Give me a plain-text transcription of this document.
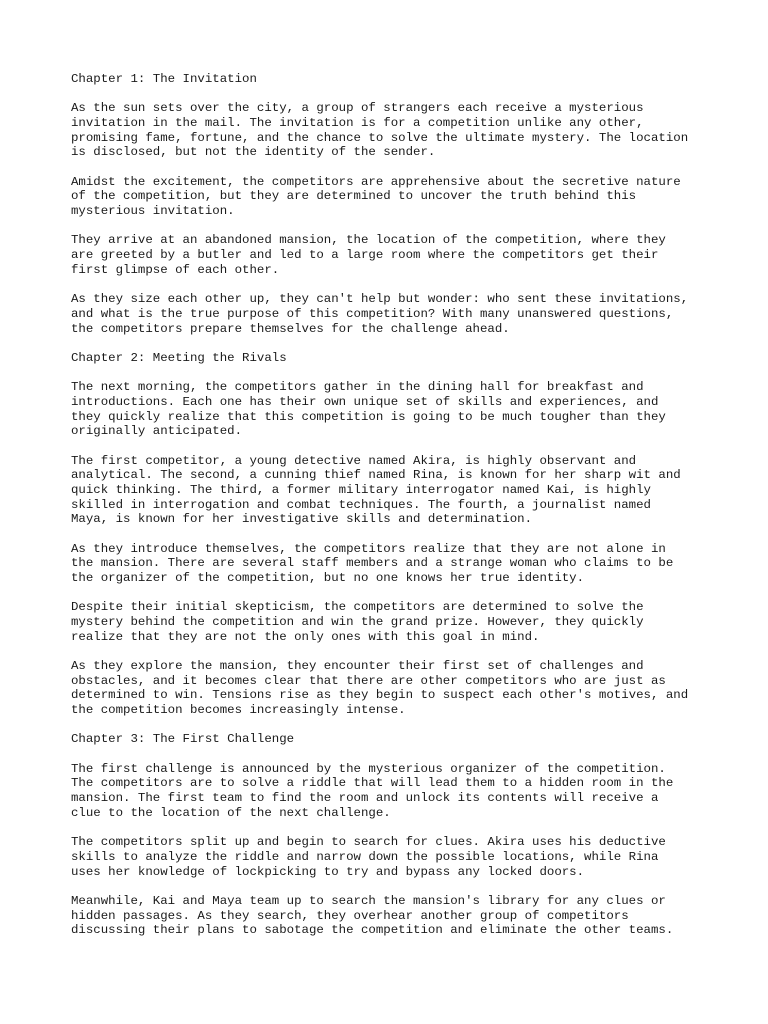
Chapter 1: The Invitation

As the sun sets over the city, a group of strangers each receive a mysterious
invitation in the mail. The invitation is for a competition unlike any other,
promising fame, fortune, and the chance to solve the ultimate mystery. The location
is disclosed, but not the identity of the sender.

Amidst the excitement, the competitors are apprehensive about the secretive nature
of the competition, but they are determined to uncover the truth behind this
mysterious invitation.

They arrive at an abandoned mansion, the location of the competition, where they
are greeted by a butler and led to a large room where the competitors get their
first glimpse of each other.

As they size each other up, they can't help but wonder: who sent these invitations,
and what is the true purpose of this competition? With many unanswered questions,
the competitors prepare themselves for the challenge ahead.

Chapter 2: Meeting the Rivals

The next morning, the competitors gather in the dining hall for breakfast and
introductions. Each one has their own unique set of skills and experiences, and
they quickly realize that this competition is going to be much tougher than they
originally anticipated.

The first competitor, a young detective named Akira, is highly observant and
analytical. The second, a cunning thief named Rina, is known for her sharp wit and
quick thinking. The third, a former military interrogator named Kai, is highly
skilled in interrogation and combat techniques. The fourth, a journalist named
Maya, is known for her investigative skills and determination.

As they introduce themselves, the competitors realize that they are not alone in
the mansion. There are several staff members and a strange woman who claims to be
the organizer of the competition, but no one knows her true identity.

Despite their initial skepticism, the competitors are determined to solve the
mystery behind the competition and win the grand prize. However, they quickly
realize that they are not the only ones with this goal in mind.

As they explore the mansion, they encounter their first set of challenges and
obstacles, and it becomes clear that there are other competitors who are just as
determined to win. Tensions rise as they begin to suspect each other's motives, and
the competition becomes increasingly intense.

Chapter 3: The First Challenge

The first challenge is announced by the mysterious organizer of the competition.
The competitors are to solve a riddle that will lead them to a hidden room in the
mansion. The first team to find the room and unlock its contents will receive a
clue to the location of the next challenge.

The competitors split up and begin to search for clues. Akira uses his deductive
skills to analyze the riddle and narrow down the possible locations, while Rina
uses her knowledge of lockpicking to try and bypass any locked doors.

Meanwhile, Kai and Maya team up to search the mansion's library for any clues or
hidden passages. As they search, they overhear another group of competitors
discussing their plans to sabotage the competition and eliminate the other teams.
